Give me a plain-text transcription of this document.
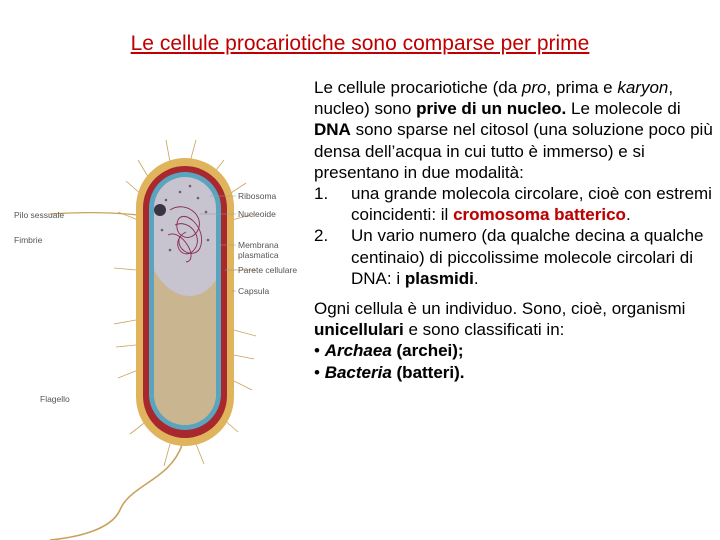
Le cellule procariotiche sono comparse per prime

Le cellule procariotiche (da pro, prima e karyon, nucleo) sono prive di un nucleo. Le molecole di DNA sono sparse nel citosol (una soluzione poco più densa dell’acqua in cui tutto è immerso) e si presentano in due modalità:

1.	una grande molecola circolare, cioè con estremi coincidenti: il cromosoma batterico.
2.	Un vario numero (da qualche decina a qualche centinaio) di piccolissime molecole circolari di DNA: i plasmidi.

Ogni cellula è un individuo. Sono, cioè, organismi unicellulari e sono classificati in:

• Archaea (archei);

• Bacteria (batteri).

Ribosoma
Nucleoide
Pilo sessuale
Fimbrie	Membrana
plasmatica
Parete cellulare
Capsula
Flagello
